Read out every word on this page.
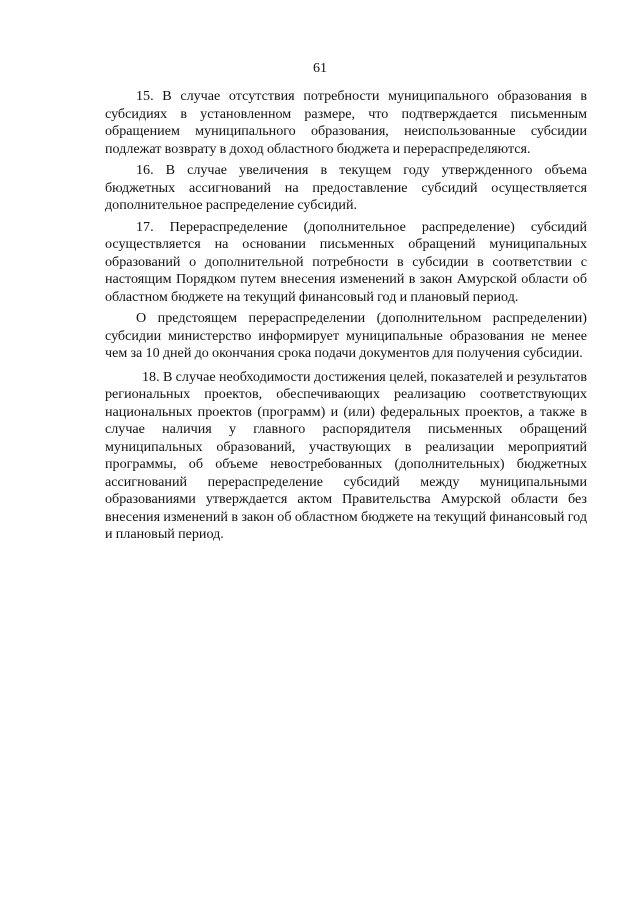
61

15. В случае отсутствия потребности муниципального образования в субсидиях в установленном размере, что подтверждается письменным обращением муниципального образования, неиспользованные субсидии подлежат возврату в доход областного бюджета и перераспределяются.

16. В случае увеличения в текущем году утвержденного объема бюджетных ассигнований на предоставление субсидий осуществляется дополнительное распределение субсидий.

17. Перераспределение (дополнительное распределение) субсидий осуществляется на основании письменных обращений муниципальных образований о дополнительной потребности в субсидии в соответствии с настоящим Порядком путем внесения изменений в закон Амурской области об областном бюджете на текущий финансовый год и плановый период.

О предстоящем перераспределении (дополнительном распределении) субсидии министерство информирует муниципальные образования не менее чем за 10 дней до окончания срока подачи документов для получения субсидии.

18. В случае необходимости достижения целей, показателей и результатов региональных проектов, обеспечивающих реализацию соответствующих национальных проектов (программ) и (или) федеральных проектов, а также в случае наличия у главного распорядителя письменных обращений муниципальных образований, участвующих в реализации мероприятий программы, об объеме невостребованных (дополнительных) бюджетных ассигнований перераспределение субсидий между муниципальными образованиями утверждается актом Правительства Амурской области без внесения изменений в закон об областном бюджете на текущий финансовый год и плановый период.
